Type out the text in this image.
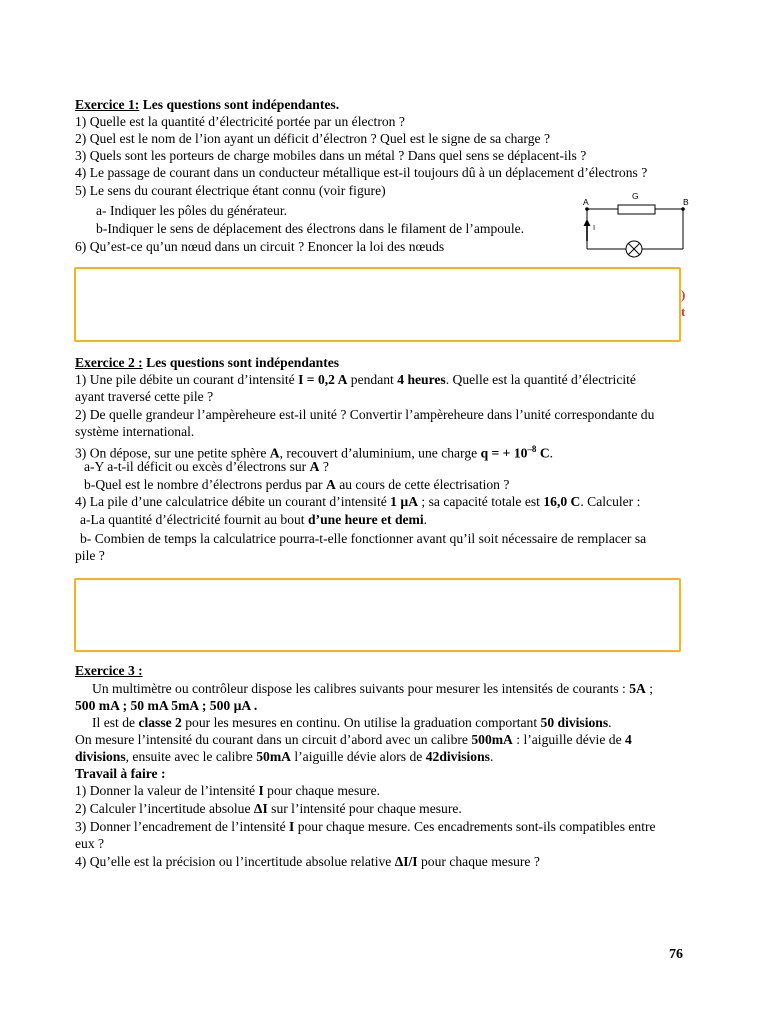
Exercice 1: Les questions sont indépendantes.
1) Quelle est la quantité d’électricité portée par un électron ?
2) Quel est le nom de l’ion ayant un déficit d’électron ? Quel est le signe de sa charge ?
3) Quels sont les porteurs de charge mobiles dans un métal ? Dans quel sens se déplacent-ils ?
4) Le passage de courant dans un conducteur métallique est-il toujours dû à un déplacement d’électrons ?
5) Le sens du courant électrique étant connu (voir figure)
a- Indiquer les pôles du générateur.
b-Indiquer le sens de déplacement des électrons dans le filament de l’ampoule.
6) Qu’est-ce qu’un nœud dans un circuit ? Enoncer la loi des nœuds
G
A	B
I
)
t
Exercice 2 : Les questions sont indépendantes
1) Une pile débite un courant d’intensité I = 0,2 A pendant 4 heures. Quelle est la quantité d’électricité
ayant traversé cette pile ?
2) De quelle grandeur l’ampèreheure est-il unité ? Convertir l’ampèreheure dans l’unité correspondante du
système international.
3) On dépose, sur une petite sphère A, recouvert d’aluminium, une charge q = + $10^{-8}$ C.
a-Y a-t-il déficit ou excès d’électrons sur A ?
b-Quel est le nombre d’électrons perdus par A au cours de cette électrisation ?
4) La pile d’une calculatrice débite un courant d’intensité 1 µA ; sa capacité totale est 16,0 C. Calculer :
a-La quantité d’électricité fournit au bout d’une heure et demi.
b- Combien de temps la calculatrice pourra-t-elle fonctionner avant qu’il soit nécessaire de remplacer sa
pile ?
Exercice 3 :
Un multimètre ou contrôleur dispose les calibres suivants pour mesurer les intensités de courants : 5A ;
500 mA ; 50 mA 5mA ; 500 µA .
Il est de classe 2 pour les mesures en continu. On utilise la graduation comportant 50 divisions.
On mesure l’intensité du courant dans un circuit d’abord avec un calibre 500mA : l’aiguille dévie de 4
divisions, ensuite avec le calibre 50mA l’aiguille dévie alors de 42divisions.
Travail à faire :
1) Donner la valeur de l’intensité I pour chaque mesure.
2) Calculer l’incertitude absolue ΔI sur l’intensité pour chaque mesure.
3) Donner l’encadrement de l’intensité I pour chaque mesure. Ces encadrements sont-ils compatibles entre
eux ?
4) Qu’elle est la précision ou l’incertitude absolue relative ΔI/I pour chaque mesure ?
76
